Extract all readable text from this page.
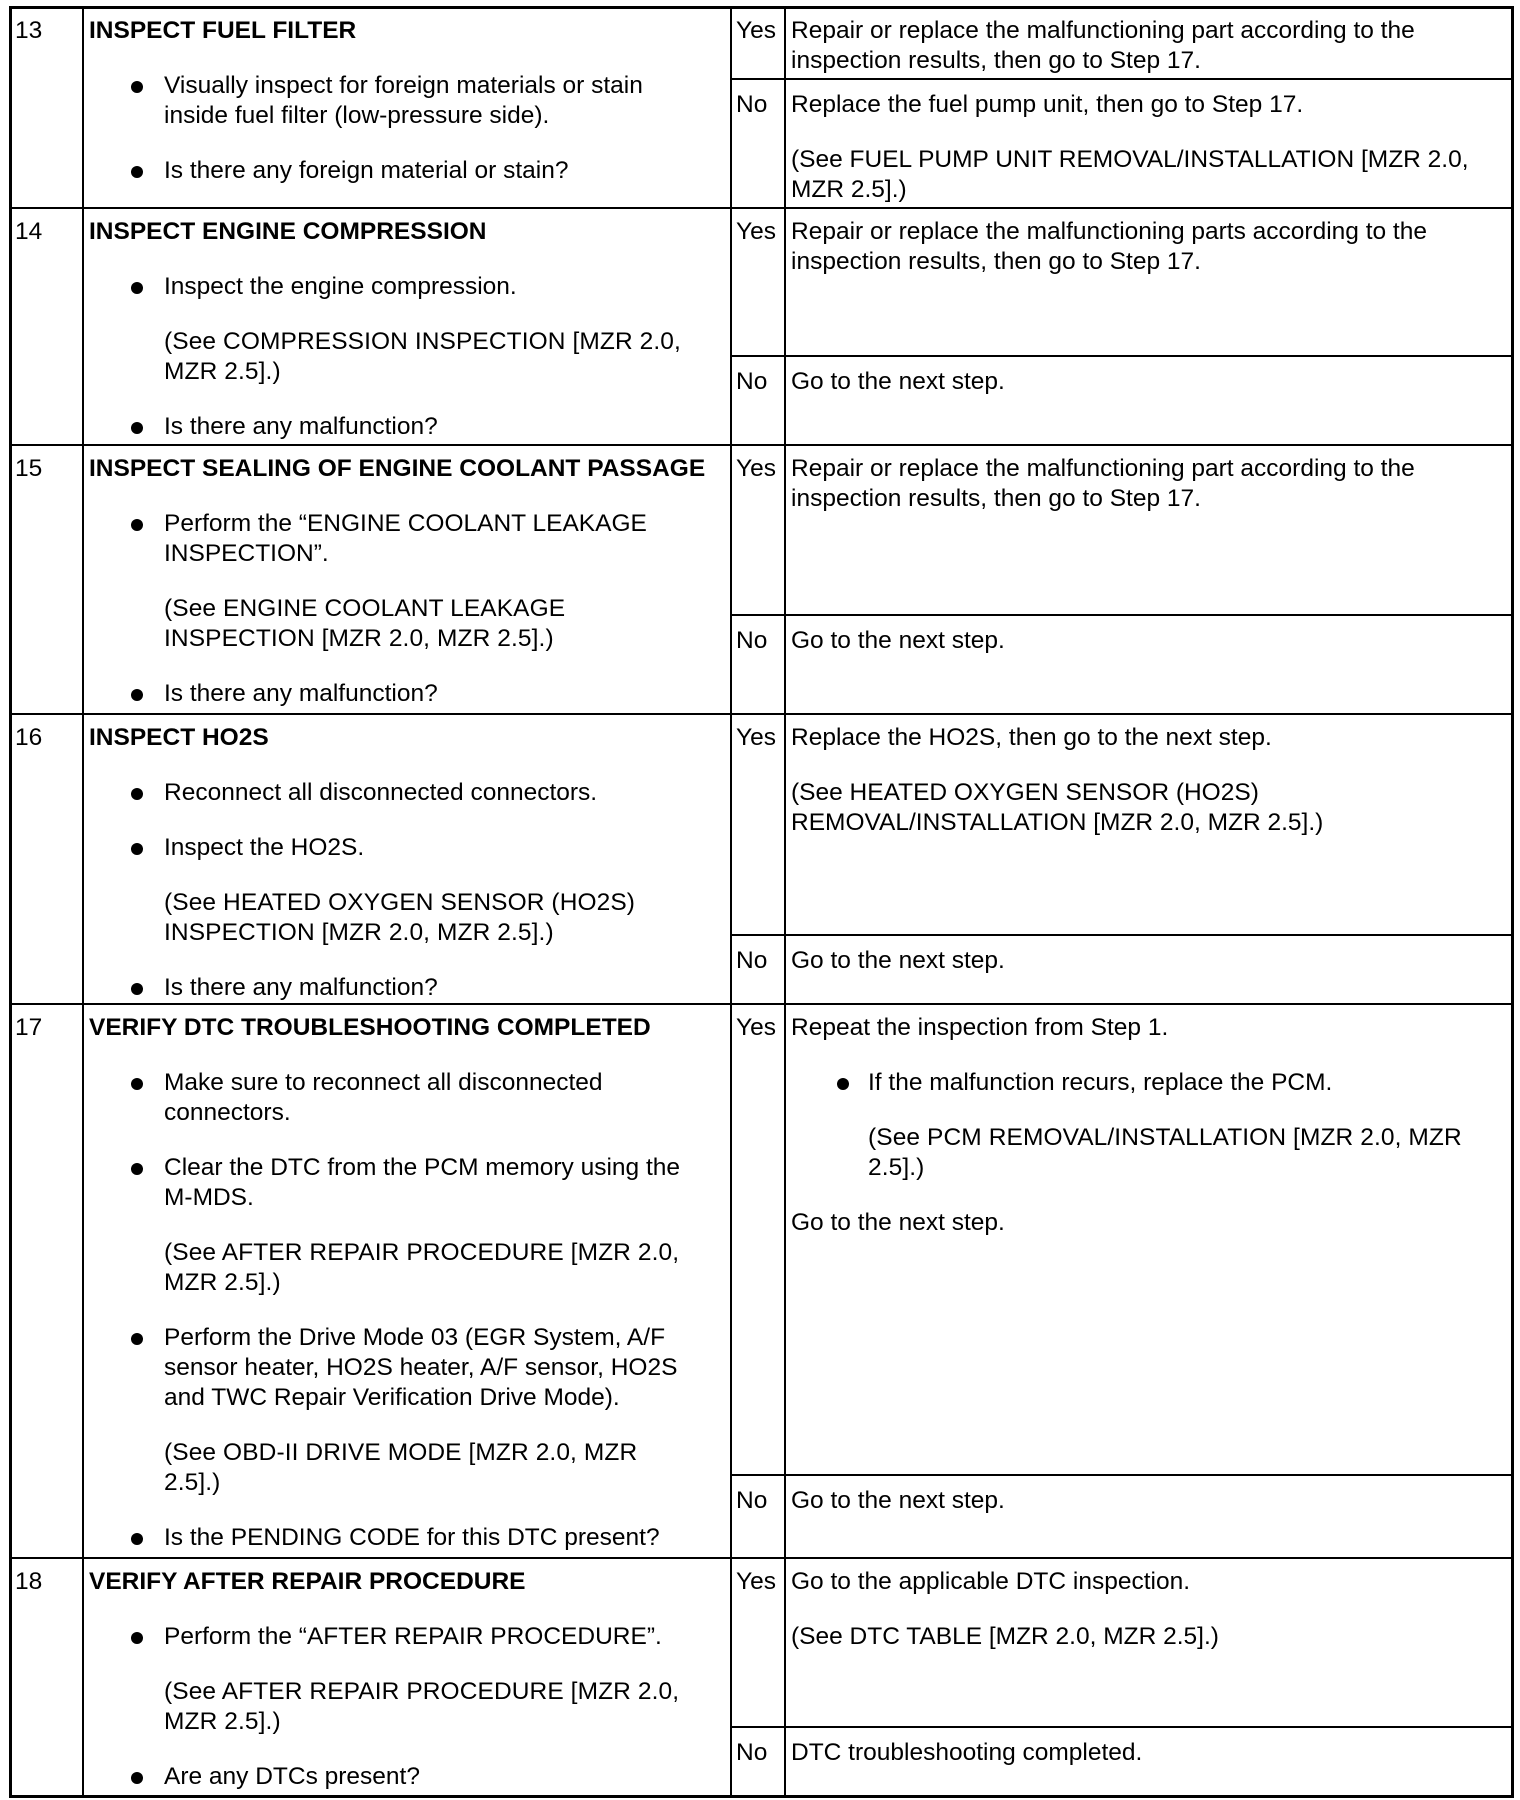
13 INSPECT FUEL FILTER
Visually inspect for foreign materials or stain
inside fuel filter (low-pressure side).
Is there any foreign material or stain?
Yes Repair or replace the malfunctioning part according to the
inspection results, then go to Step 17.
No Replace the fuel pump unit, then go to Step 17.
(See FUEL PUMP UNIT REMOVAL/INSTALLATION [MZR 2.0,
MZR 2.5].)
14 INSPECT ENGINE COMPRESSION
Inspect the engine compression.
(See COMPRESSION INSPECTION [MZR 2.0,
MZR 2.5].)
Is there any malfunction?
Yes Repair or replace the malfunctioning parts according to the
inspection results, then go to Step 17.
No Go to the next step.
15 INSPECT SEALING OF ENGINE COOLANT PASSAGE
Perform the “ENGINE COOLANT LEAKAGE
INSPECTION”.
(See ENGINE COOLANT LEAKAGE
INSPECTION [MZR 2.0, MZR 2.5].)
Is there any malfunction?
Yes Repair or replace the malfunctioning part according to the
inspection results, then go to Step 17.
No Go to the next step.
16 INSPECT HO2S
Reconnect all disconnected connectors.
Inspect the HO2S.
(See HEATED OXYGEN SENSOR (HO2S)
INSPECTION [MZR 2.0, MZR 2.5].)
Is there any malfunction?
Yes Replace the HO2S, then go to the next step.
(See HEATED OXYGEN SENSOR (HO2S)
REMOVAL/INSTALLATION [MZR 2.0, MZR 2.5].)
No Go to the next step.
17 VERIFY DTC TROUBLESHOOTING COMPLETED
Make sure to reconnect all disconnected
connectors.
Clear the DTC from the PCM memory using the
M-MDS.
(See AFTER REPAIR PROCEDURE [MZR 2.0,
MZR 2.5].)
Perform the Drive Mode 03 (EGR System, A/F
sensor heater, HO2S heater, A/F sensor, HO2S
and TWC Repair Verification Drive Mode).
(See OBD-II DRIVE MODE [MZR 2.0, MZR
2.5].)
Is the PENDING CODE for this DTC present?
Yes Repeat the inspection from Step 1.
If the malfunction recurs, replace the PCM.
(See PCM REMOVAL/INSTALLATION [MZR 2.0, MZR
2.5].)
Go to the next step.
No Go to the next step.
18 VERIFY AFTER REPAIR PROCEDURE
Perform the “AFTER REPAIR PROCEDURE”.
(See AFTER REPAIR PROCEDURE [MZR 2.0,
MZR 2.5].)
Are any DTCs present?
Yes Go to the applicable DTC inspection.
(See DTC TABLE [MZR 2.0, MZR 2.5].)
No DTC troubleshooting completed.
